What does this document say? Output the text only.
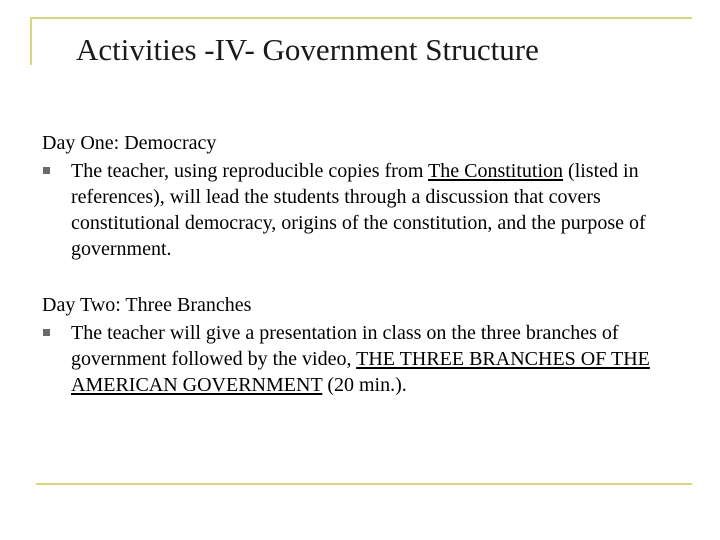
Activities -IV- Government Structure

Day One: Democracy

The teacher, using reproducible copies from The Constitution (listed in references), will lead the students through a discussion that covers constitutional democracy, origins of the constitution, and the purpose of government.

Day Two: Three Branches

The teacher will give a presentation in class on the three branches of government followed by the video, THE THREE BRANCHES OF THE AMERICAN GOVERNMENT (20 min.).
